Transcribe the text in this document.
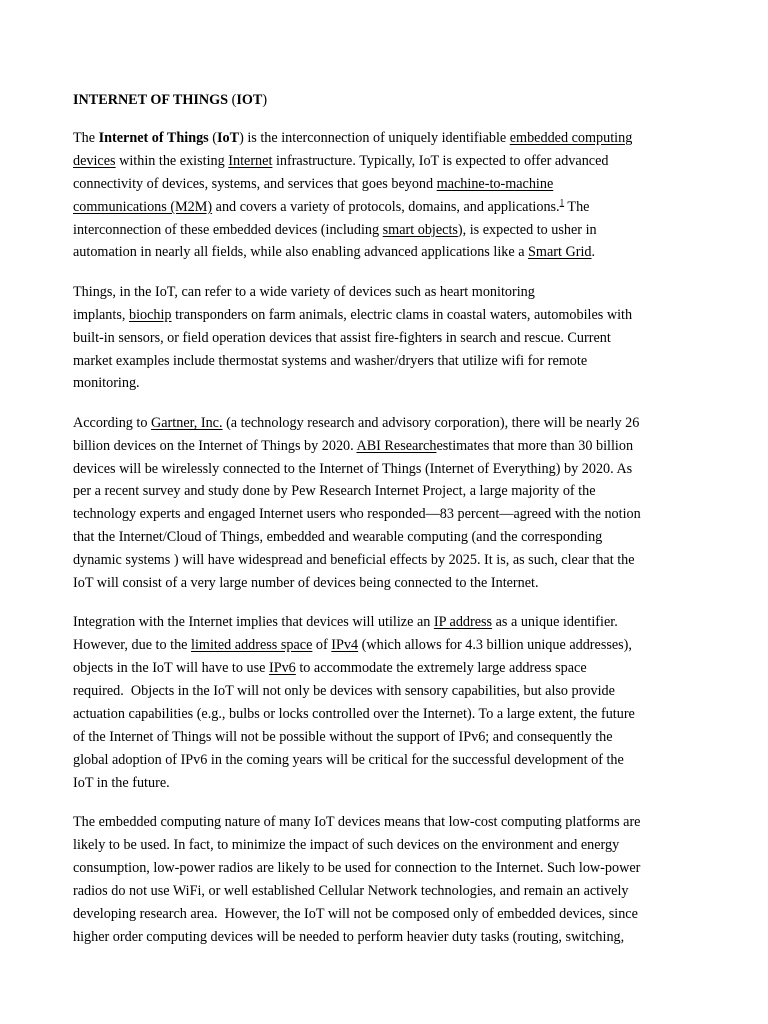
INTERNET OF THINGS (IOT)
The Internet of Things (IoT) is the interconnection of uniquely identifiable embedded computing
devices within the existing Internet infrastructure. Typically, IoT is expected to offer advanced
connectivity of devices, systems, and services that goes beyond machine-to-machine
communications (M2M) and covers a variety of protocols, domains, and applications.$^1$ The
interconnection of these embedded devices (including smart objects), is expected to usher in
automation in nearly all fields, while also enabling advanced applications like a Smart Grid.
Things, in the IoT, can refer to a wide variety of devices such as heart monitoring
implants, biochip transponders on farm animals, electric clams in coastal waters, automobiles with
built-in sensors, or field operation devices that assist fire-fighters in search and rescue. Current
market examples include thermostat systems and washer/dryers that utilize wifi for remote
monitoring.
According to Gartner, Inc. (a technology research and advisory corporation), there will be nearly 26
billion devices on the Internet of Things by 2020. ABI Researchestimates that more than 30 billion
devices will be wirelessly connected to the Internet of Things (Internet of Everything) by 2020. As
per a recent survey and study done by Pew Research Internet Project, a large majority of the
technology experts and engaged Internet users who responded—83 percent—agreed with the notion
that the Internet/Cloud of Things, embedded and wearable computing (and the corresponding
dynamic systems ) will have widespread and beneficial effects by 2025. It is, as such, clear that the
IoT will consist of a very large number of devices being connected to the Internet.
Integration with the Internet implies that devices will utilize an IP address as a unique identifier.
However, due to the limited address space of IPv4 (which allows for 4.3 billion unique addresses),
objects in the IoT will have to use IPv6 to accommodate the extremely large address space
required.  Objects in the IoT will not only be devices with sensory capabilities, but also provide
actuation capabilities (e.g., bulbs or locks controlled over the Internet). To a large extent, the future
of the Internet of Things will not be possible without the support of IPv6; and consequently the
global adoption of IPv6 in the coming years will be critical for the successful development of the
IoT in the future.
The embedded computing nature of many IoT devices means that low-cost computing platforms are
likely to be used. In fact, to minimize the impact of such devices on the environment and energy
consumption, low-power radios are likely to be used for connection to the Internet. Such low-power
radios do not use WiFi, or well established Cellular Network technologies, and remain an actively
developing research area.  However, the IoT will not be composed only of embedded devices, since
higher order computing devices will be needed to perform heavier duty tasks (routing, switching,
